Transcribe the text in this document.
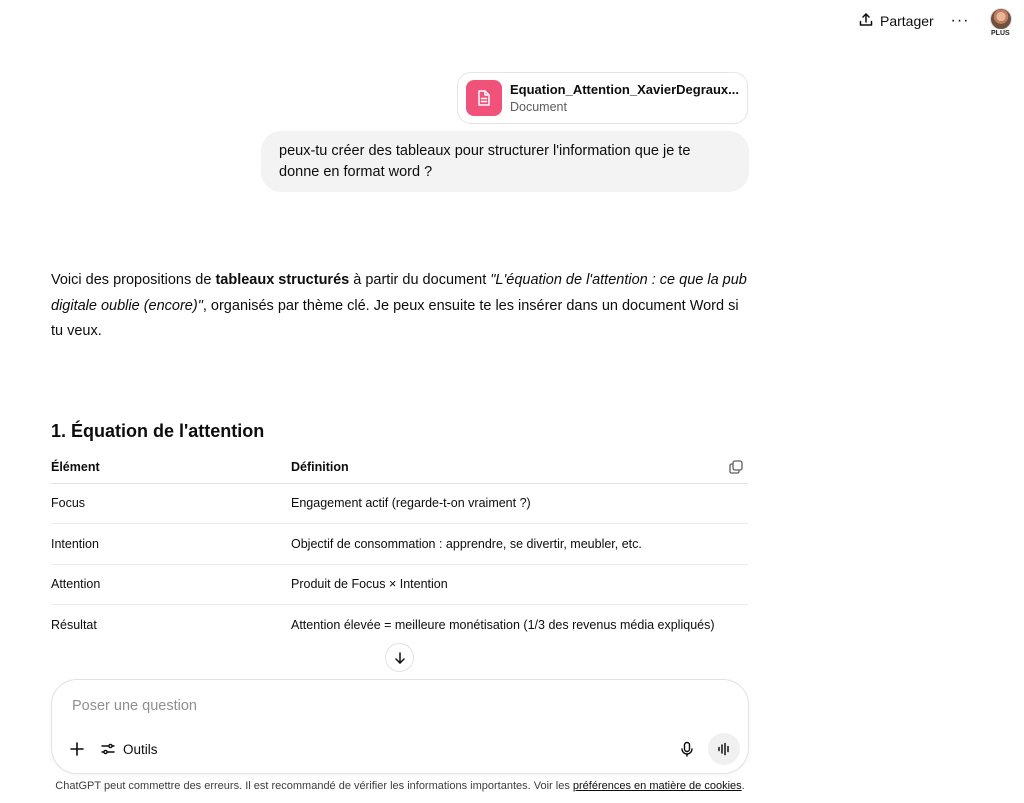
Partager ···
PLUS
Equation_Attention_XavierDegraux...
Document
peux-tu créer des tableaux pour structurer l'information que je te
donne en format word ?
Voici des propositions de tableaux structurés à partir du document "L'équation de l'attention : ce que la pub digitale oublie (encore)", organisés par thème clé. Je peux ensuite te les insérer dans un document Word si tu veux.
1. Équation de l'attention
Élément	Définition
Focus	Engagement actif (regarde-t-on vraiment ?)
Intention	Objectif de consommation : apprendre, se divertir, meubler, etc.
Attention	Produit de Focus × Intention
Résultat	Attention élevée = meilleure monétisation (1/3 des revenus média expliqués)
Poser une question
Outils
ChatGPT peut commettre des erreurs. Il est recommandé de vérifier les informations importantes. Voir les préférences en matière de cookies.
